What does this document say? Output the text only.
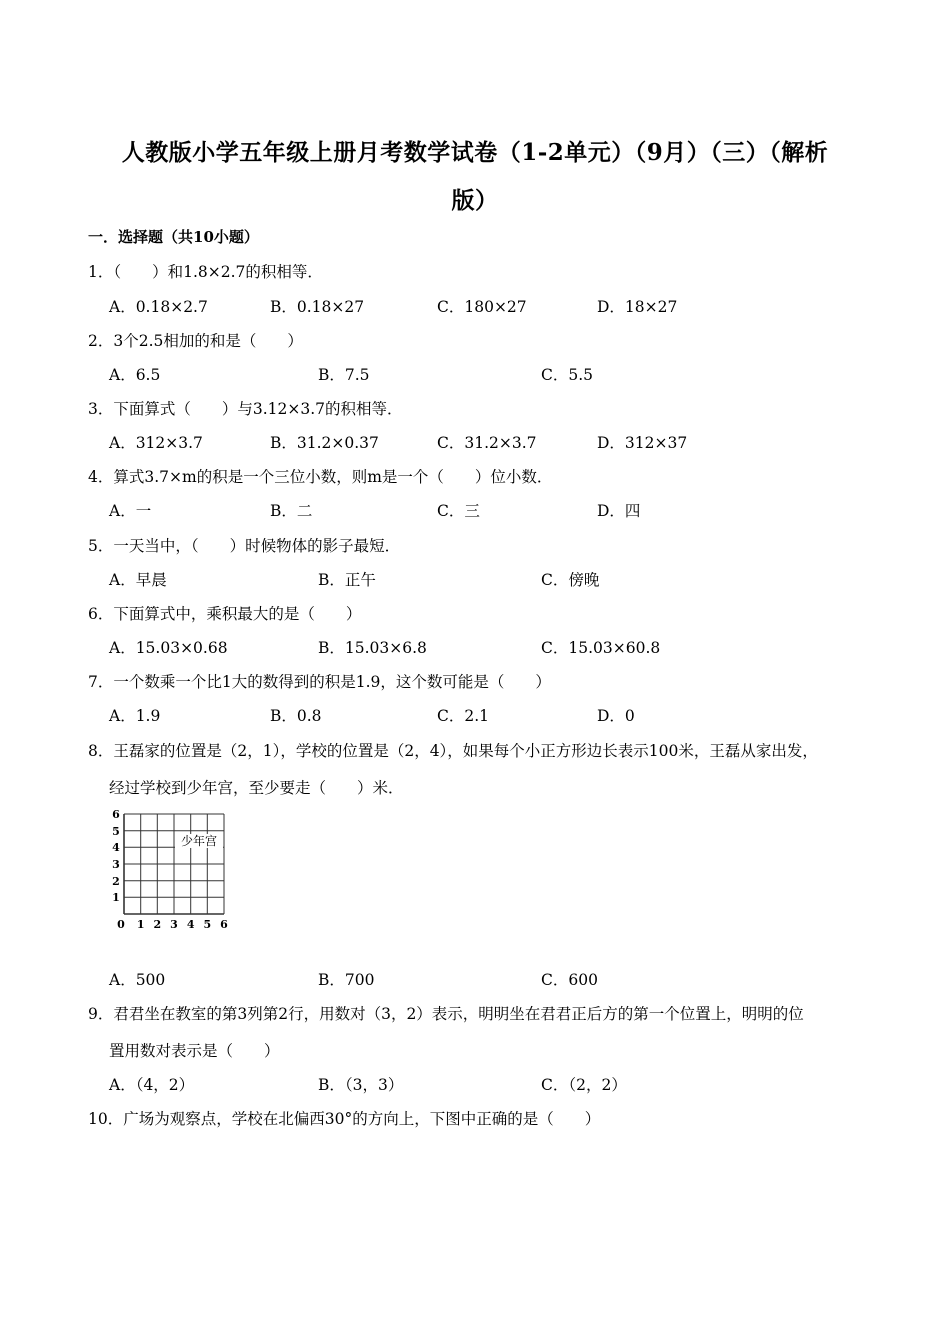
人教版小学五年级上册月考数学试卷（1-2单元）（9月）（三）（解析
版）
一．选择题（共10小题）
1．（　　）和1.8×2.7的积相等．
A．0.18×2.7	B．0.18×27	C．180×27	D．18×27
2．3个2.5相加的和是（　　）
A．6.5	B．7.5	C．5.5
3．下面算式（　　）与3.12×3.7的积相等．
A．312×3.7	B．31.2×0.37	C．31.2×3.7	D．312×37
4．算式3.7×m的积是一个三位小数，则m是一个（　　）位小数．
A．一	B．二	C．三	D．四
5．一天当中，（　　）时候物体的影子最短．
A．早晨	B．正午	C．傍晚
6．下面算式中，乘积最大的是（　　）
A．15.03×0.68	B．15.03×6.8	C．15.03×60.8
7．一个数乘一个比1大的数得到的积是1.9，这个数可能是（　　）
A．1.9	B．0.8	C．2.1	D．0
8．王磊家的位置是（2，1），学校的位置是（2，4），如果每个小正方形边长表示100米，王磊从家出发，
经过学校到少年宫，至少要走（　　）米．
少年宫
0 1 2 3 4 5 6
1
2
3
4
5
6
A．500	B．700	C．600
9．君君坐在教室的第3列第2行，用数对（3，2）表示，明明坐在君君正后方的第一个位置上，明明的位
置用数对表示是（　　）
A．（4，2）	B．（3，3）	C．（2，2）
10．广场为观察点，学校在北偏西30°的方向上，下图中正确的是（　　）
